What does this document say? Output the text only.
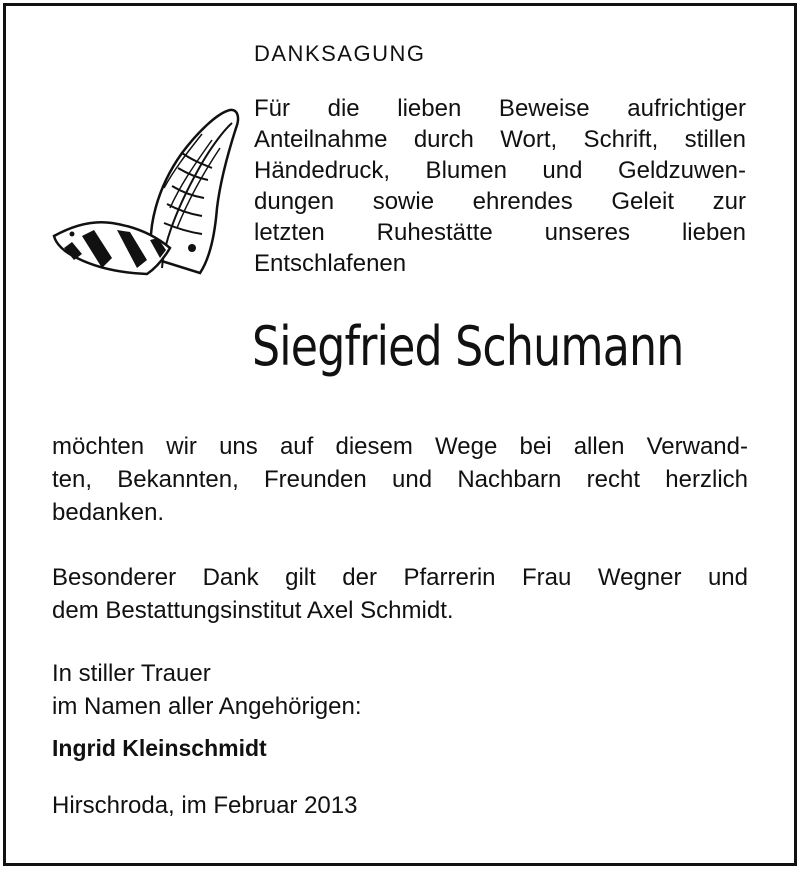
DANKSAGUNG
Für die lieben Beweise aufrichtiger
Anteilnahme durch Wort, Schrift, stillen
Händedruck, Blumen und Geldzuwen-
dungen sowie ehrendes Geleit zur
letzten Ruhestätte unseres lieben
Entschlafenen
Siegfried Schumann
möchten wir uns auf diesem Wege bei allen Verwand-
ten, Bekannten, Freunden und Nachbarn recht herzlich
bedanken.
Besonderer Dank gilt der Pfarrerin Frau Wegner und
dem Bestattungsinstitut Axel Schmidt.
In stiller Trauer
im Namen aller Angehörigen:
Ingrid Kleinschmidt
Hirschroda, im Februar 2013
